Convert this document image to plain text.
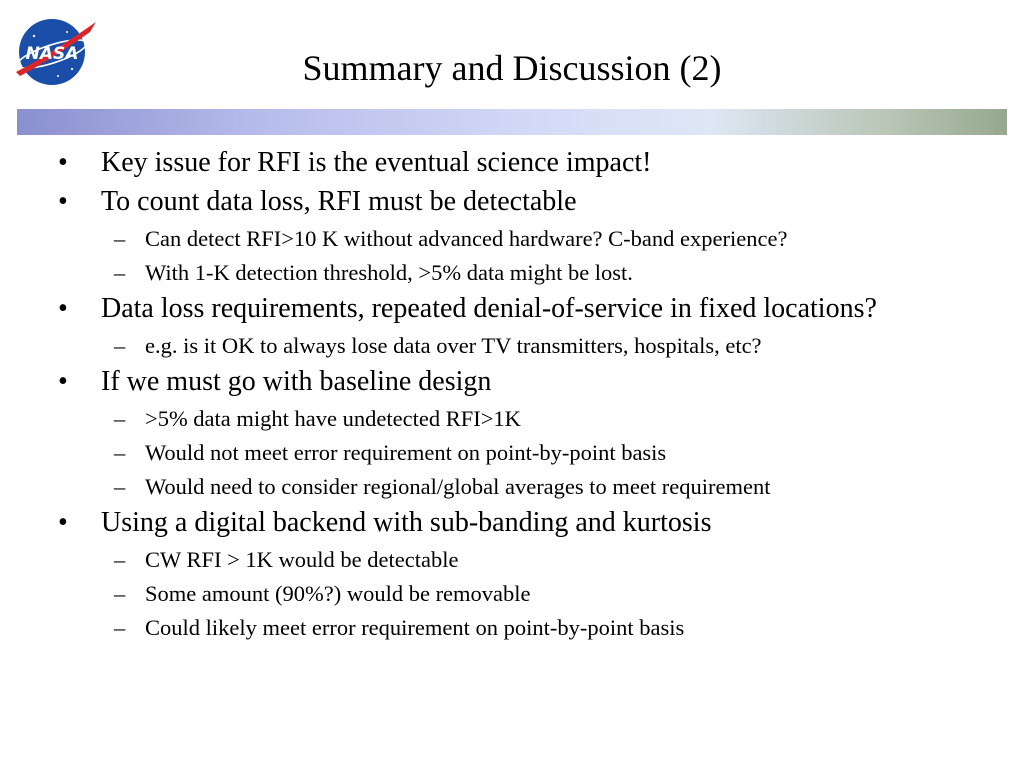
NASA	Summary and Discussion (2)
• Key issue for RFI is the eventual science impact!
• To count data loss, RFI must be detectable
– Can detect RFI>10 K without advanced hardware? C-band experience?
– With 1-K detection threshold, >5% data might be lost.
• Data loss requirements, repeated denial-of-service in fixed locations?
– e.g. is it OK to always lose data over TV transmitters, hospitals, etc?
• If we must go with baseline design
– >5% data might have undetected RFI>1K
– Would not meet error requirement on point-by-point basis
– Would need to consider regional/global averages to meet requirement
• Using a digital backend with sub-banding and kurtosis
– CW RFI > 1K would be detectable
– Some amount (90%?) would be removable
– Could likely meet error requirement on point-by-point basis
